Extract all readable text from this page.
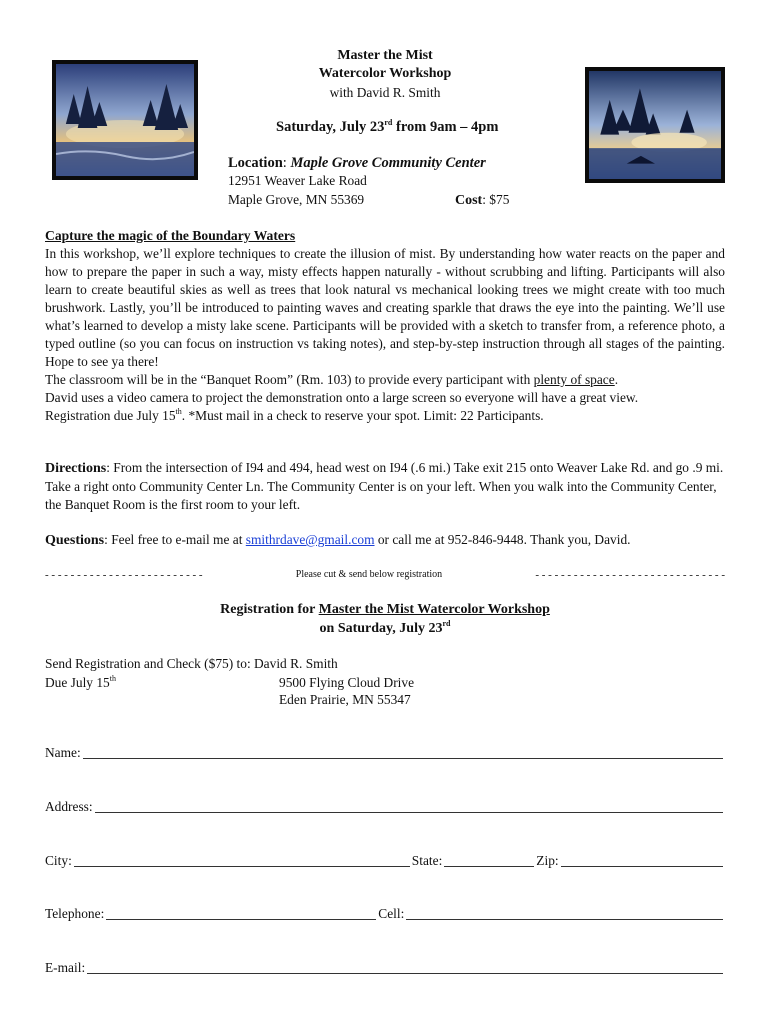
Master the Mist
Watercolor Workshop
with David R. Smith
Saturday, July 23rd from 9am – 4pm
Location: Maple Grove Community Center
12951 Weaver Lake Road
Maple Grove, MN 55369	Cost: $75
Capture the magic of the Boundary Waters
In this workshop, we’ll explore techniques to create the illusion of mist. By understanding how water reacts on the paper and how to prepare the paper in such a way, misty effects happen naturally - without scrubbing and lifting. Participants will also learn to create beautiful skies as well as trees that look natural vs mechanical looking trees we might create with too much brushwork. Lastly, you’ll be introduced to painting waves and creating sparkle that draws the eye into the painting. We’ll use what’s learned to develop a misty lake scene. Participants will be provided with a sketch to transfer from, a reference photo, a typed outline (so you can focus on instruction vs taking notes), and step-by-step instruction through all stages of the painting. Hope to see ya there!
The classroom will be in the “Banquet Room” (Rm. 103) to provide every participant with plenty of space.
David uses a video camera to project the demonstration onto a large screen so everyone will have a great view.
Registration due July 15th. *Must mail in a check to reserve your spot. Limit: 22 Participants.
Directions: From the intersection of I94 and 494, head west on I94 (.6 mi.) Take exit 215 onto Weaver Lake Rd. and go .9 mi. Take a right onto Community Center Ln. The Community Center is on your left. When you walk into the Community Center, the Banquet Room is the first room to your left.
Questions: Feel free to e-mail me at smithrdave@gmail.com or call me at 952-846-9448. Thank you, David.
- - - - - - - - - - - - - - - - - - - - - - - - -	Please cut & send below registration	- - - - - - - - - - - - - - - - - - - - - - - - - - - - - -
Registration for Master the Mist Watercolor Workshop
on Saturday, July 23rd
Send Registration and Check ($75) to: David R. Smith
Due July 15th	9500 Flying Cloud Drive
Eden Prairie, MN 55347
Name:
Address:
City:	State:	Zip:
Telephone:	Cell:
E-mail:
